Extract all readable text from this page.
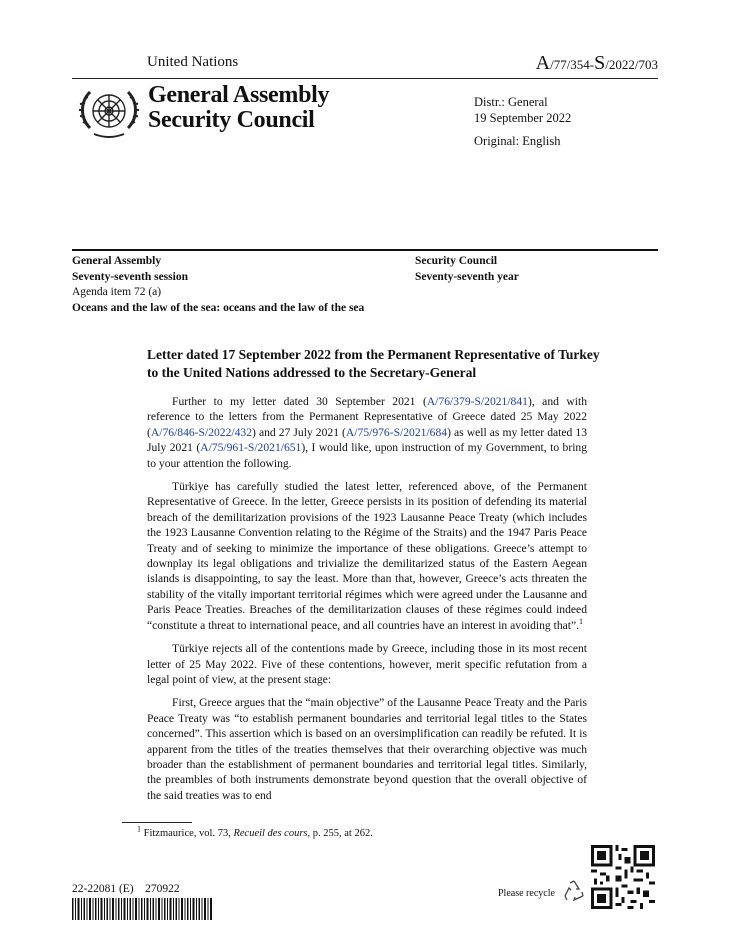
United Nations	A/77/354-S/2022/703
General Assembly
Security Council
Distr.: General
19 September 2022
Original: English
General Assembly
Seventy-seventh session
Agenda item 72 (a)
Oceans and the law of the sea: oceans and the law of the sea
Security Council
Seventy-seventh year
Letter dated 17 September 2022 from the Permanent Representative of Turkey to the United Nations addressed to the Secretary-General

Further to my letter dated 30 September 2021 (A/76/379-S/2021/841), and with reference to the letters from the Permanent Representative of Greece dated 25 May 2022 (A/76/846-S/2022/432) and 27 July 2021 (A/75/976-S/2021/684) as well as my letter dated 13 July 2021 (A/75/961-S/2021/651), I would like, upon instruction of my Government, to bring to your attention the following.

Türkiye has carefully studied the latest letter, referenced above, of the Permanent Representative of Greece. In the letter, Greece persists in its position of defending its material breach of the demilitarization provisions of the 1923 Lausanne Peace Treaty (which includes the 1923 Lausanne Convention relating to the Régime of the Straits) and the 1947 Paris Peace Treaty and of seeking to minimize the importance of these obligations. Greece’s attempt to downplay its legal obligations and trivialize the demilitarized status of the Eastern Aegean islands is disappointing, to say the least. More than that, however, Greece’s acts threaten the stability of the vitally important territorial régimes which were agreed under the Lausanne and Paris Peace Treaties. Breaches of the demilitarization clauses of these régimes could indeed “constitute a threat to international peace, and all countries have an interest in avoiding that”.$^1$

Türkiye rejects all of the contentions made by Greece, including those in its most recent letter of 25 May 2022. Five of these contentions, however, merit specific refutation from a legal point of view, at the present stage:

First, Greece argues that the “main objective” of the Lausanne Peace Treaty and the Paris Peace Treaty was “to establish permanent boundaries and territorial legal titles to the States concerned”. This assertion which is based on an oversimplification can readily be refuted. It is apparent from the titles of the treaties themselves that their overarching objective was much broader than the establishment of permanent boundaries and territorial legal titles. Similarly, the preambles of both instruments demonstrate beyond question that the overall objective of the said treaties was to end

$^1$ Fitzmaurice, vol. 73, Recueil des cours, p. 255, at 262.
22-22081 (E)    270922	Please recycle
